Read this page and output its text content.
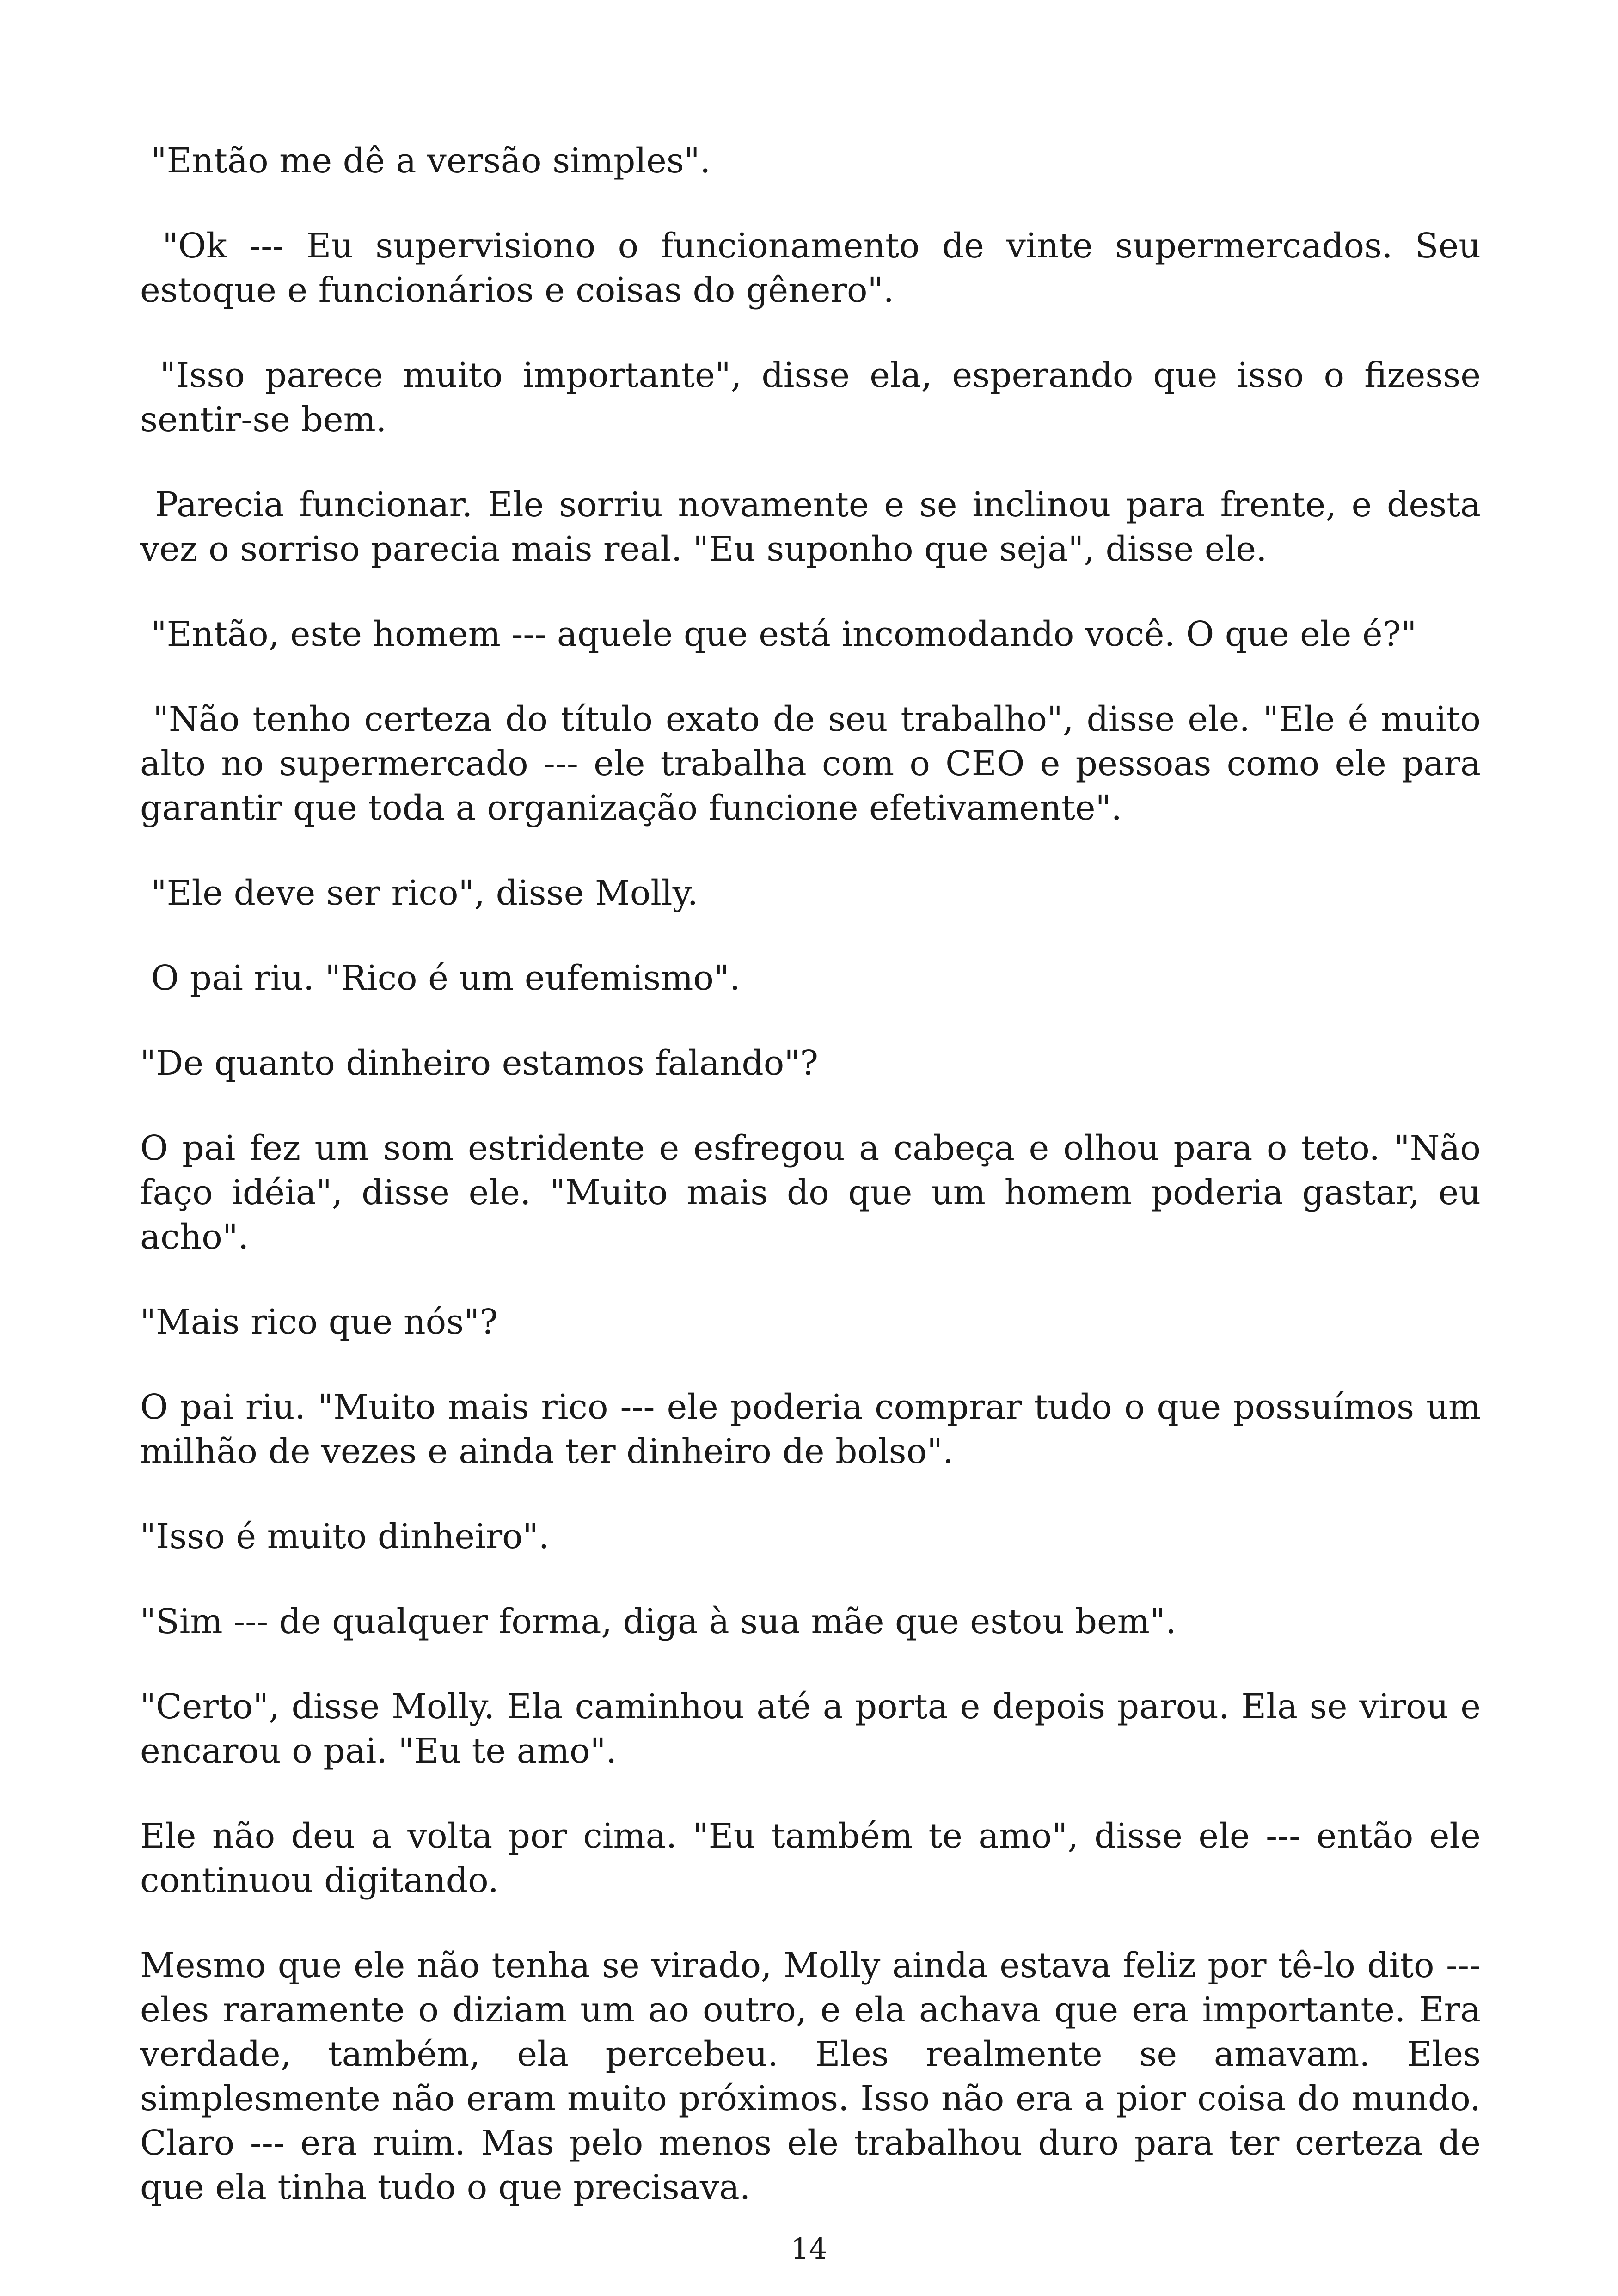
"Então me dê a versão simples".

"Ok --- Eu supervisiono o funcionamento de vinte supermercados. Seu estoque e funcionários e coisas do gênero".

"Isso parece muito importante", disse ela, esperando que isso o fizesse sentir-se bem.

Parecia funcionar. Ele sorriu novamente e se inclinou para frente, e desta vez o sorriso parecia mais real. "Eu suponho que seja", disse ele.

"Então, este homem --- aquele que está incomodando você. O que ele é?"

"Não tenho certeza do título exato de seu trabalho", disse ele. "Ele é muito alto no supermercado --- ele trabalha com o CEO e pessoas como ele para garantir que toda a organização funcione efetivamente".

"Ele deve ser rico", disse Molly.

O pai riu. "Rico é um eufemismo".

"De quanto dinheiro estamos falando"?

O pai fez um som estridente e esfregou a cabeça e olhou para o teto. "Não faço idéia", disse ele. "Muito mais do que um homem poderia gastar, eu acho".

"Mais rico que nós"?

O pai riu. "Muito mais rico --- ele poderia comprar tudo o que possuímos um milhão de vezes e ainda ter dinheiro de bolso".

"Isso é muito dinheiro".

"Sim --- de qualquer forma, diga à sua mãe que estou bem".

"Certo", disse Molly. Ela caminhou até a porta e depois parou. Ela se virou e encarou o pai. "Eu te amo".

Ele não deu a volta por cima. "Eu também te amo", disse ele --- então ele continuou digitando.

Mesmo que ele não tenha se virado, Molly ainda estava feliz por tê-lo dito --- eles raramente o diziam um ao outro, e ela achava que era importante. Era verdade, também, ela percebeu. Eles realmente se amavam. Eles simplesmente não eram muito próximos. Isso não era a pior coisa do mundo. Claro --- era ruim. Mas pelo menos ele trabalhou duro para ter certeza de que ela tinha tudo o que precisava.

14
